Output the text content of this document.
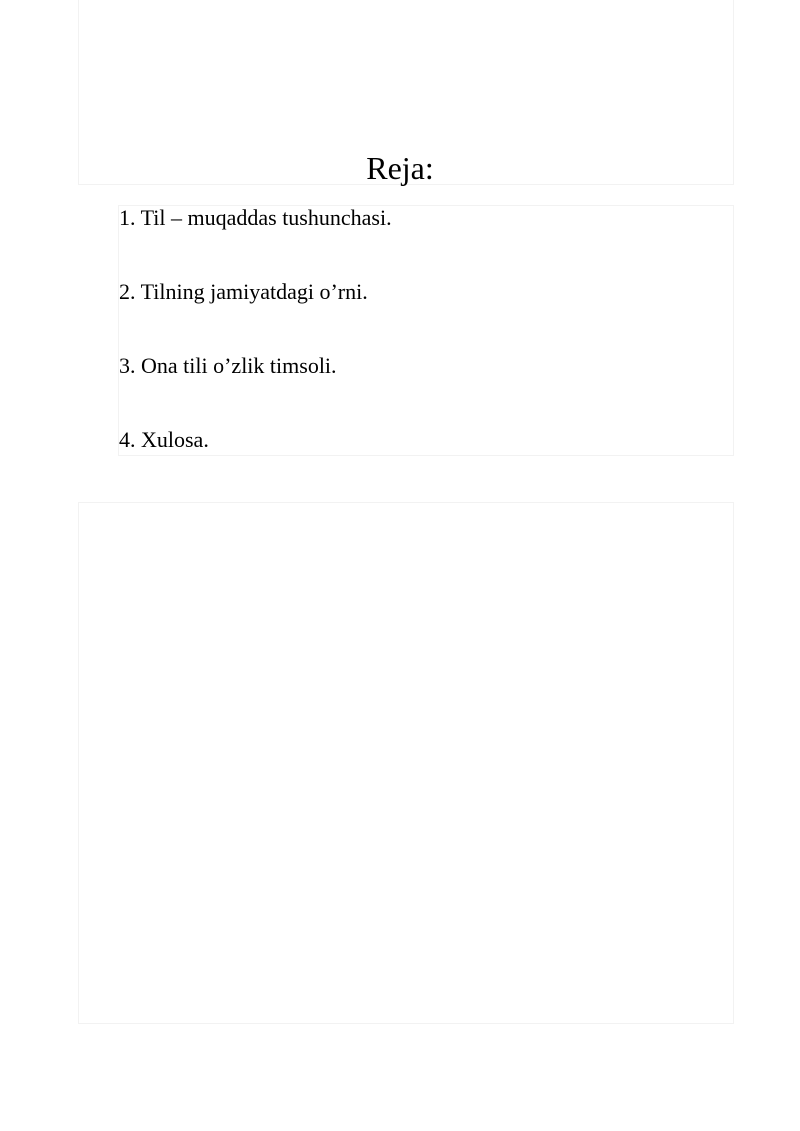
Reja:
1. Til – muqaddas tushunchasi.
2. Tilning jamiyatdagi o’rni.
3. Ona tili o’zlik timsoli.
4. Xulosa.
